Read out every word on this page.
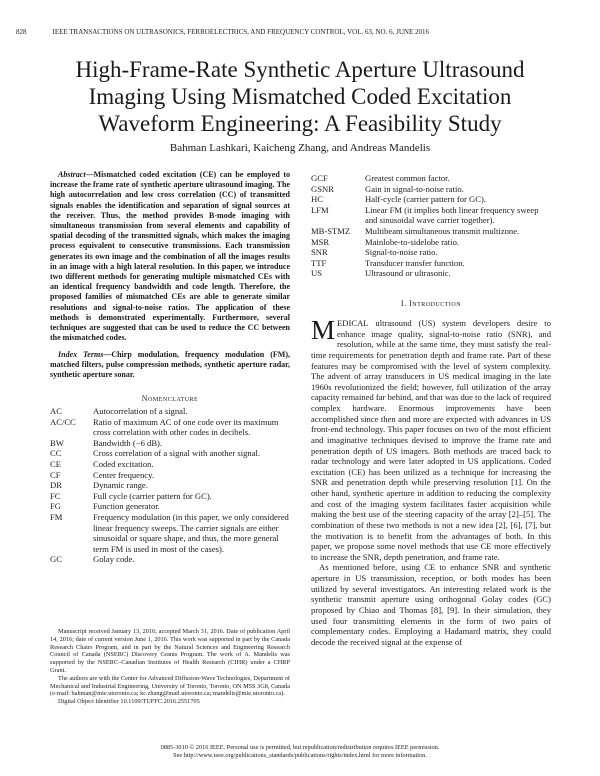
828	IEEE TRANSACTIONS ON ULTRASONICS, FERROELECTRICS, AND FREQUENCY CONTROL, VOL. 63, NO. 6, JUNE 2016
High-Frame-Rate Synthetic Aperture Ultrasound
Imaging Using Mismatched Coded Excitation
Waveform Engineering: A Feasibility Study
Bahman Lashkari, Kaicheng Zhang, and Andreas Mandelis
Abstract—Mismatched coded excitation (CE) can be employed to increase the frame rate of synthetic aperture ultrasound imaging. The high autocorrelation and low cross correlation (CC) of transmitted signals enables the identification and separation of signal sources at the receiver. Thus, the method provides B-mode imaging with simultaneous transmission from several elements and capability of spatial decoding of the transmitted signals, which makes the imaging process equivalent to consecutive transmissions. Each transmission generates its own image and the combination of all the images results in an image with a high lateral resolution. In this paper, we introduce two different methods for generating multiple mismatched CEs with an identical frequency bandwidth and code length. Therefore, the proposed families of mismatched CEs are able to generate similar resolutions and signal-to-noise ratios. The application of these methods is demonstrated experimentally. Furthermore, several techniques are suggested that can be used to reduce the CC between the mismatched codes.
Index Terms—Chirp modulation, frequency modulation (FM), matched filters, pulse compression methods, synthetic aperture radar, synthetic aperture sonar.
Nomenclature
AC	Autocorrelation of a signal.
AC/CC	Ratio of maximum AC of one code over its maximum cross correlation with other codes in decibels.
BW	Bandwidth (−6 dB).
CC	Cross correlation of a signal with another signal.
CE	Coded excitation.
CF	Center frequency.
DR	Dynamic range.
FC	Full cycle (carrier pattern for GC).
FG	Function generator.
FM	Frequency modulation (in this paper, we only considered linear frequency sweeps. The carrier signals are either sinusoidal or square shape, and thus, the more general term FM is used in most of the cases).
GC	Golay code.
GCF	Greatest common factor.
GSNR	Gain in signal-to-noise ratio.
HC	Half-cycle (carrier pattern for GC).
LFM	Linear FM (it implies both linear frequency sweep and sinusoidal wave carrier together).
MB-STMZ	Multibeam simultaneous transmit multizone.
MSR	Mainlobe-to-sidelobe ratio.
SNR	Signal-to-noise ratio.
TTF	Transducer transfer function.
US	Ultrasound or ultrasonic.
I. Introduction

MEDICAL ultrasound (US) system developers desire to enhance image quality, signal-to-noise ratio (SNR), and resolution, while at the same time, they must satisfy the real-time requirements for penetration depth and frame rate. Part of these features may be compromised with the level of system complexity. The advent of array transducers in US medical imaging in the late 1960s revolutionized the field; however, full utilization of the array capacity remained far behind, and that was due to the lack of required complex hardware. Enormous improvements have been accomplished since then and more are expected with advances in US front-end technology. This paper focuses on two of the most efficient and imaginative techniques devised to improve the frame rate and penetration depth of US imagers. Both methods are traced back to radar technology and were later adopted in US applications. Coded excitation (CE) has been utilized as a technique for increasing the SNR and penetration depth while preserving resolution [1]. On the other hand, synthetic aperture in addition to reducing the complexity and cost of the imaging system facilitates faster acquisition while making the best use of the steering capacity of the array [2]–[5]. The combination of these two methods is not a new idea [2], [6], [7], but the motivation is to benefit from the advantages of both. In this paper, we propose some novel methods that use CE more effectively to increase the SNR, depth penetration, and frame rate.

As mentioned before, using CE to enhance SNR and synthetic aperture in US transmission, reception, or both modes has been utilized by several investigators. An interesting related work is the synthetic transmit aperture using orthogonal Golay codes (GC) proposed by Chiao and Thomas [8], [9]. In their simulation, they used four transmitting elements in the form of two pairs of complementary codes. Employing a Hadamard matrix, they could decode the received signal at the expense of

Manuscript received January 13, 2016; accepted March 31, 2016. Date of publication April 14, 2016; date of current version June 1, 2016. This work was supported in part by the Canada Research Chairs Program, and in part by the Natural Sciences and Engineering Research Council of Canada (NSERC) Discovery Grants Program. The work of A. Mandelis was supported by the NSERC–Canadian Institutes of Health Research (CIHR) under a CHRP Grant.

The authors are with the Center for Advanced Diffusion-Wave Technologies, Department of Mechanical and Industrial Engineering, University of Toronto, Toronto, ON M5S 3G8, Canada (e-mail: bahman@mie.utoronto.ca; kc.zhang@mail.utoronto.ca; mandelis@mie.utoronto.ca).

Digital Object Identifier 10.1109/TUFFC.2016.2551705

0885-3010 © 2016 IEEE. Personal use is permitted, but republication/redistribution requires IEEE permission.
See http://www.ieee.org/publications_standards/publications/rights/index.html for more information.
